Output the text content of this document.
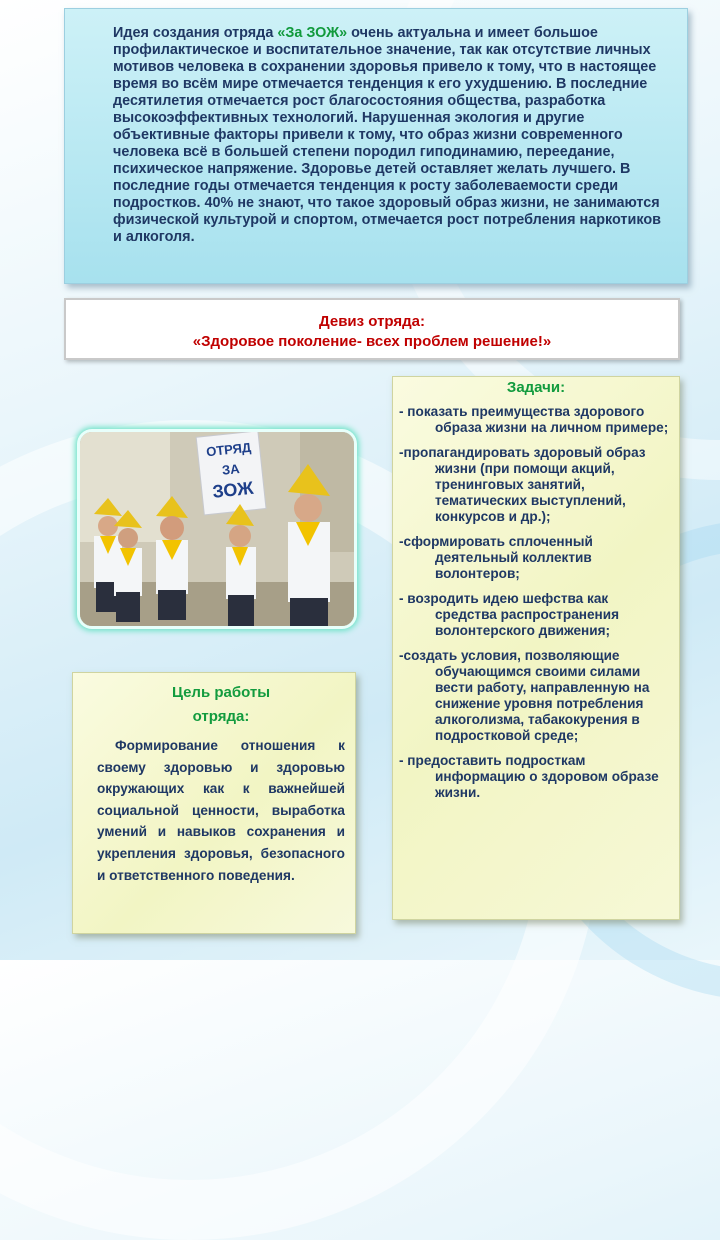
Идея создания отряда «За ЗОЖ» очень актуальна и имеет большое профилактическое и воспитательное значение, так как отсутствие личных мотивов человека в сохранении здоровья привело к тому, что в настоящее время во всём мире отмечается тенденция к его ухудшению. В последние десятилетия отмечается рост благосостояния общества, разработка высокоэффективных технологий. Нарушенная экология и другие объективные факторы привели к тому, что образ жизни современного человека всё в большей степени породил гиподинамию, переедание, психическое напряжение. Здоровье детей оставляет желать лучшего. В последние годы отмечается тенденция к росту заболеваемости среди подростков. 40% не знают, что такое здоровый образ жизни, не занимаются физической культурой и спортом, отмечается рост потребления наркотиков и алкоголя.

Девиз отряда:
«Здоровое поколение- всех проблем решение!»
ОТРЯД
ЗА
ЗОЖ
Задачи:
- показать преимущества здорового образа жизни на личном примере;
-пропагандировать здоровый образ жизни (при помощи акций, тренинговых занятий, тематических выступлений, конкурсов и др.);
-сформировать сплоченный деятельный коллектив волонтеров;
- возродить идею шефства как средства распространения волонтерского движения;
-создать условия, позволяющие обучающимся своими силами вести работу, направленную на снижение уровня потребления алкоголизма, табакокурения в подростковой среде;
- предоставить подросткам информацию о здоровом образе жизни.
Цель работы
отряда:

Формирование отношения к своему здоровью и здоровью окружающих как к важнейшей социальной ценности, выработка умений и навыков сохранения и укрепления здоровья, безопасного и ответственного поведения.
